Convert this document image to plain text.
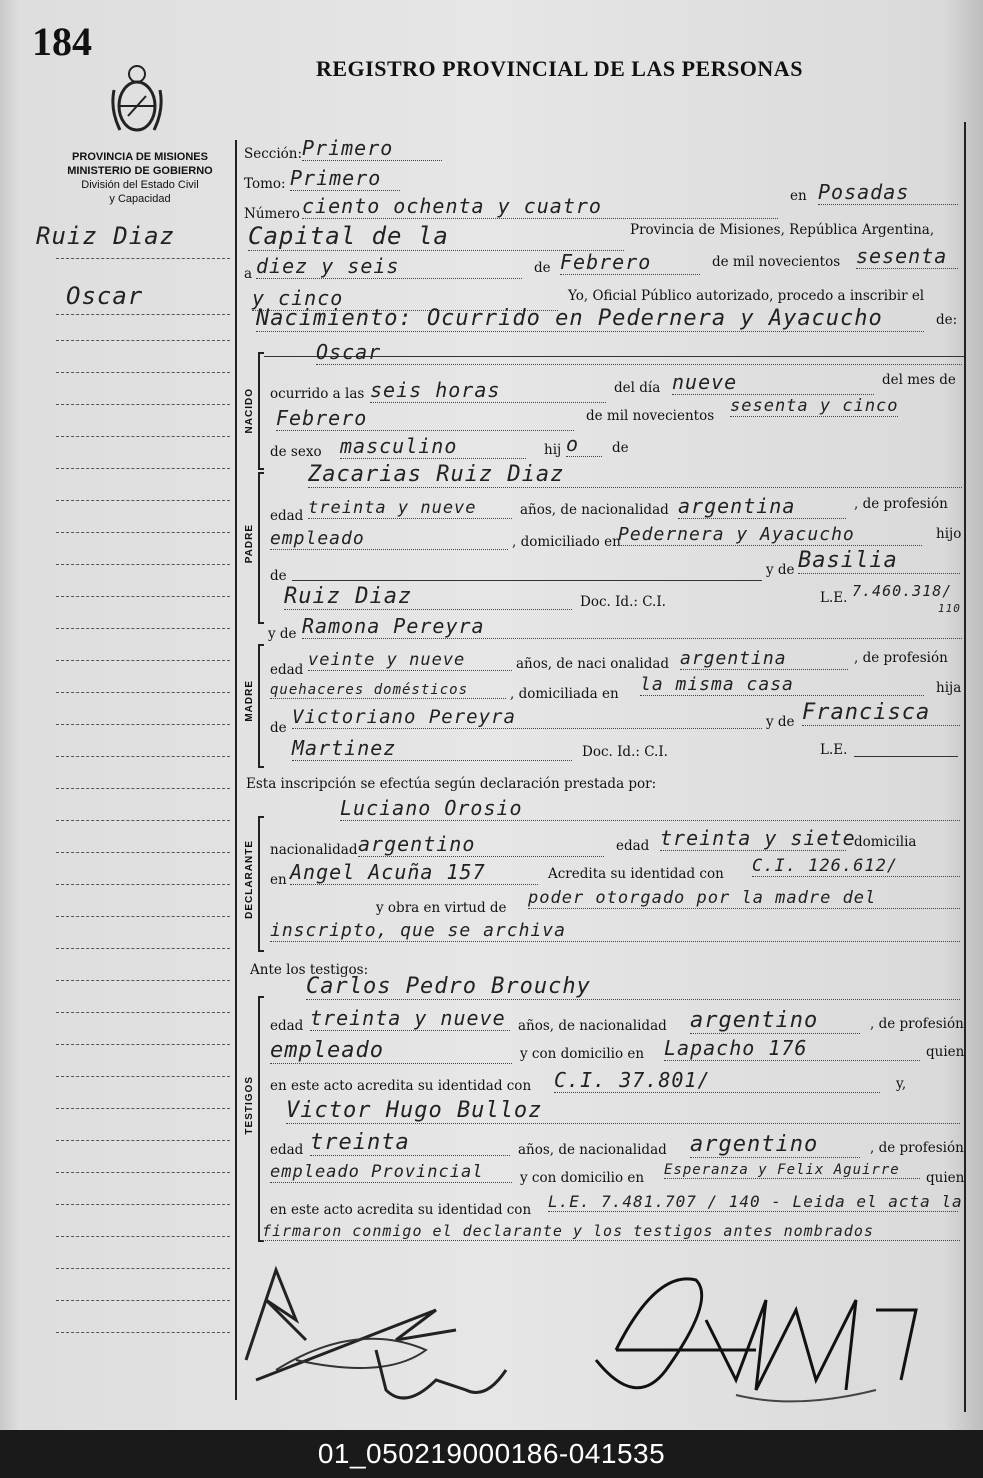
184
REGISTRO PROVINCIAL DE LAS PERSONAS
PROVINCIA DE MISIONES
MINISTERIO DE GOBIERNO
División del Estado Civil
y Capacidad
Ruiz Diaz
Oscar
Sección: Primero
Tomo: Primero
Número ciento ochenta y cuatro	en Posadas
Capital de la	Provincia de Misiones, República Argentina,
a diez y seis	de Febrero	de mil novecientos sesenta
y cinco	Yo, Oficial Público autorizado, procedo a inscribir el
Nacimiento: Ocurrido en Pedernera y Ayacucho	de:
NACIDO
Oscar
ocurrido a las seis horas	del día nueve	del mes de
Febrero	de mil novecientos sesenta y cinco
de sexo masculino	hij o	de
PADRE
Zacarias Ruiz Diaz
edad treinta y nueve	años, de nacionalidad argentina	, de profesión
empleado	, domiciliado en
Pedernera y Ayacucho	hijo
de	y de Basilia
Ruiz Diaz	Doc. Id.: C.I.	L.E. 7.460.318/
110
y de Ramona Pereyra
MADRE
edad veinte y nueve	años, de naci onalidad argentina	, de profesión
quehaceres domésticos	, domiciliada en la misma casa	hija
de Victoriano Pereyra	y de Francisca
Martinez	Doc. Id.: C.I.	L.E.
Esta inscripción se efectúa según declaración prestada por:
Luciano Orosio
DECLARANTE nacionalidad argentino	edad treinta y siete
domicilia
en Angel Acuña 157	Acredita su identidad con C.I. 126.612/
y obra en virtud de poder otorgado por la madre del
inscripto, que se archiva
Ante los testigos:
Carlos Pedro Brouchy
TESTIGOS
edad treinta y nueve años, de nacionalidad argentino	, de profesión
empleado	y con domicilio en Lapacho 176	quien
en este acto acredita su identidad con C.I. 37.801/	y,
Victor Hugo Bulloz
edad treinta	años, de nacionalidad argentino	, de profesión
empleado Provincial	y con domicilio en Esperanza y Felix Aguirre	quien
en este acto acredita su identidad con L.E. 7.481.707 / 140 - Leida el acta la
firmaron conmigo el declarante y los testigos antes nombrados
01_050219000186-041535
